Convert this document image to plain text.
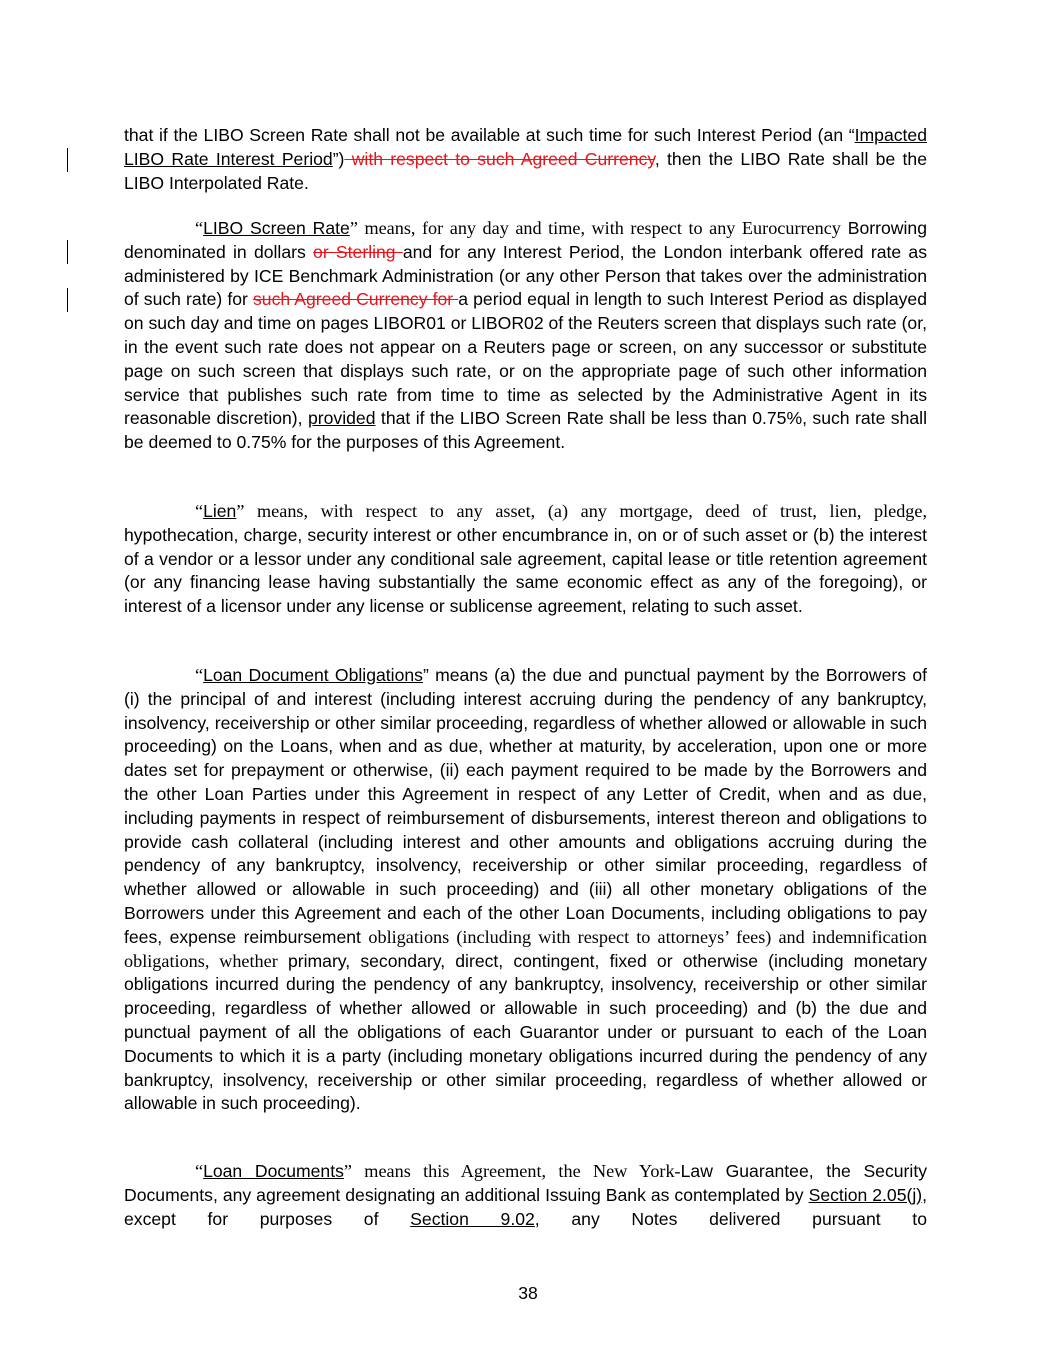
that if the LIBO Screen Rate shall not be available at such time for such Interest Period (an “Impacted LIBO Rate Interest Period”) with respect to such Agreed Currency, then the LIBO Rate shall be the LIBO Interpolated Rate.

“LIBO Screen Rate” means, for any day and time, with respect to any Eurocurrency Borrowing denominated in dollars or Sterling and for any Interest Period, the London interbank offered rate as administered by ICE Benchmark Administration (or any other Person that takes over the administration of such rate) for such Agreed Currency for a period equal in length to such Interest Period as displayed on such day and time on pages LIBOR01 or LIBOR02 of the Reuters screen that displays such rate (or, in the event such rate does not appear on a Reuters page or screen, on any successor or substitute page on such screen that displays such rate, or on the appropriate page of such other information service that publishes such rate from time to time as selected by the Administrative Agent in its reasonable discretion), provided that if the LIBO Screen Rate shall be less than 0.75%, such rate shall be deemed to 0.75% for the purposes of this Agreement.

“Lien” means, with respect to any asset, (a) any mortgage, deed of trust, lien, pledge, hypothecation, charge, security interest or other encumbrance in, on or of such asset or (b) the interest of a vendor or a lessor under any conditional sale agreement, capital lease or title retention agreement (or any financing lease having substantially the same economic effect as any of the foregoing), or interest of a licensor under any license or sublicense agreement, relating to such asset.

“Loan Document Obligations” means (a) the due and punctual payment by the Borrowers of (i) the principal of and interest (including interest accruing during the pendency of any bankruptcy, insolvency, receivership or other similar proceeding, regardless of whether allowed or allowable in such proceeding) on the Loans, when and as due, whether at maturity, by acceleration, upon one or more dates set for prepayment or otherwise, (ii) each payment required to be made by the Borrowers and the other Loan Parties under this Agreement in respect of any Letter of Credit, when and as due, including payments in respect of reimbursement of disbursements, interest thereon and obligations to provide cash collateral (including interest and other amounts and obligations accruing during the pendency of any bankruptcy, insolvency, receivership or other similar proceeding, regardless of whether allowed or allowable in such proceeding) and (iii) all other monetary obligations of the Borrowers under this Agreement and each of the other Loan Documents, including obligations to pay fees, expense reimbursement obligations (including with respect to attorneys’ fees) and indemnification obligations, whether primary, secondary, direct, contingent, fixed or otherwise (including monetary obligations incurred during the pendency of any bankruptcy, insolvency, receivership or other similar proceeding, regardless of whether allowed or allowable in such proceeding) and (b) the due and punctual payment of all the obligations of each Guarantor under or pursuant to each of the Loan Documents to which it is a party (including monetary obligations incurred during the pendency of any bankruptcy, insolvency, receivership or other similar proceeding, regardless of whether allowed or allowable in such proceeding).

“Loan Documents” means this Agreement, the New York-Law Guarantee, the Security Documents, any agreement designating an additional Issuing Bank as contemplated by Section 2.05(j), except for purposes of Section 9.02, any Notes delivered pursuant to

38
